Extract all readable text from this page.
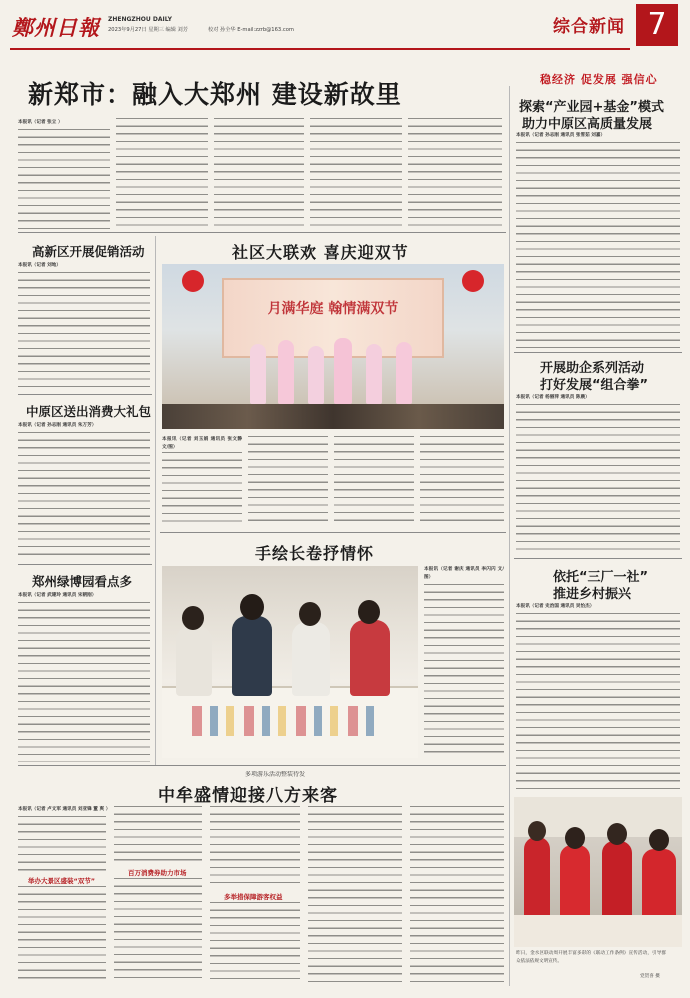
鄭州日報 ZHENGZHOU DAILY
2023年9月27日 星期三 编辑 刘芳	校对 孙全华 E-mail:zzrb@163.com	综合新闻 7
稳经济 促发展 强信心
新郑市：融入大郑州 建设新故里
本报讯（记者 张立 ）
探索“产业园+基金”模式
助力中原区高质量发展
本报讯（记者 孙志刚 通讯员 张雪茹 刘嘉）
开展助企系列活动
打好发展“组合拳”
本报讯（记者 杨丽萍 通讯员 陈晨）
依托“三厂一社”
推进乡村振兴
本报讯（记者 史治国 通讯员 吴怡杰）
昨日，金水区联动周开展丰富多彩的《联动工作条例》宣传活动，引导群众依法依规文明宣传。
党贺喜 摄
高新区开展促销活动
本报讯（记者 刘地）
中原区送出消费大礼包
本报讯（记者 孙志刚 通讯员 朱万芳）
郑州绿博园看点多
本报讯（记者 武建玲 通讯员 宋朝刚）
社区大联欢 喜庆迎双节
月满华庭 翰情满双节
本报讯（记者 刘玉娟 通讯员 张文静 文/图）
手绘长卷抒情怀
本报讯（记者 谢庆 通讯员 李闪闪 文/图）
多项游乐活动整装待发
中牟盛情迎接八方来客
本报讯（记者 卢文军 通讯员 刘亚锋 董 爽 ）
举办大景区盛装“双节”
百万消费券助力市场
多举措保障游客权益
